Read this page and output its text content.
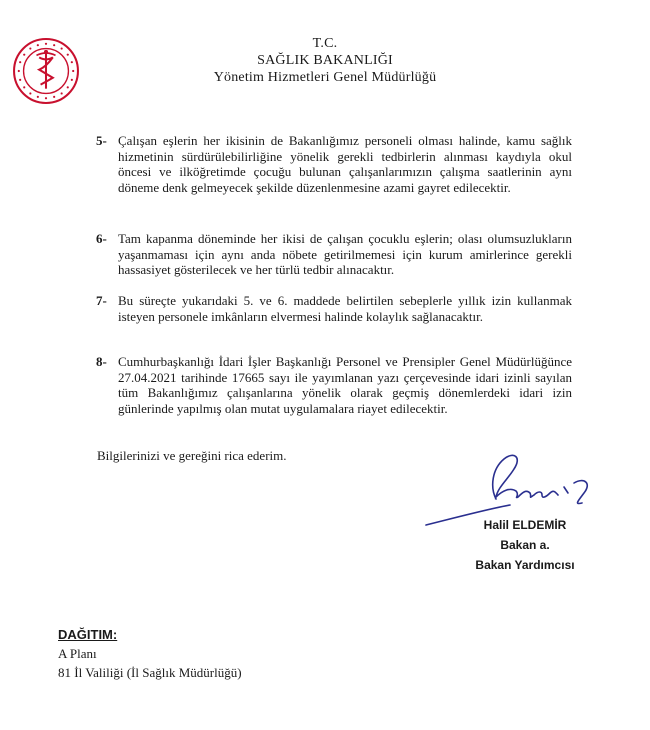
T.C.
SAĞLIK BAKANLIĞI
Yönetim Hizmetleri Genel Müdürlüğü
5- Çalışan eşlerin her ikisinin de Bakanlığımız personeli olması halinde, kamu sağlık hizmetinin sürdürülebilirliğine yönelik gerekli tedbirlerin alınması kaydıyla okul öncesi ve ilköğretimde çocuğu bulunan çalışanlarımızın çalışma saatlerinin aynı döneme denk gelmeyecek şekilde düzenlenmesine azami gayret edilecektir.
6- Tam kapanma döneminde her ikisi de çalışan çocuklu eşlerin; olası olumsuzlukların yaşanmaması için aynı anda nöbete getirilmemesi için kurum amirlerince gerekli hassasiyet gösterilecek ve her türlü tedbir alınacaktır.
7- Bu süreçte yukarıdaki 5. ve 6. maddede belirtilen sebeplerle yıllık izin kullanmak isteyen personele imkânların elvermesi halinde kolaylık sağlanacaktır.
8- Cumhurbaşkanlığı İdari İşler Başkanlığı Personel ve Prensipler Genel Müdürlüğünce 27.04.2021 tarihinde 17665 sayı ile yayımlanan yazı çerçevesinde idari izinli sayılan tüm Bakanlığımız çalışanlarına yönelik olarak geçmiş dönemlerdeki idari izin günlerinde yapılmış olan mutat uygulamalara riayet edilecektir.
Bilgilerinizi ve gereğini rica ederim.
Halil ELDEMİR
Bakan a.
Bakan Yardımcısı
DAĞITIM:
A Planı
81 İl Valiliği (İl Sağlık Müdürlüğü)
